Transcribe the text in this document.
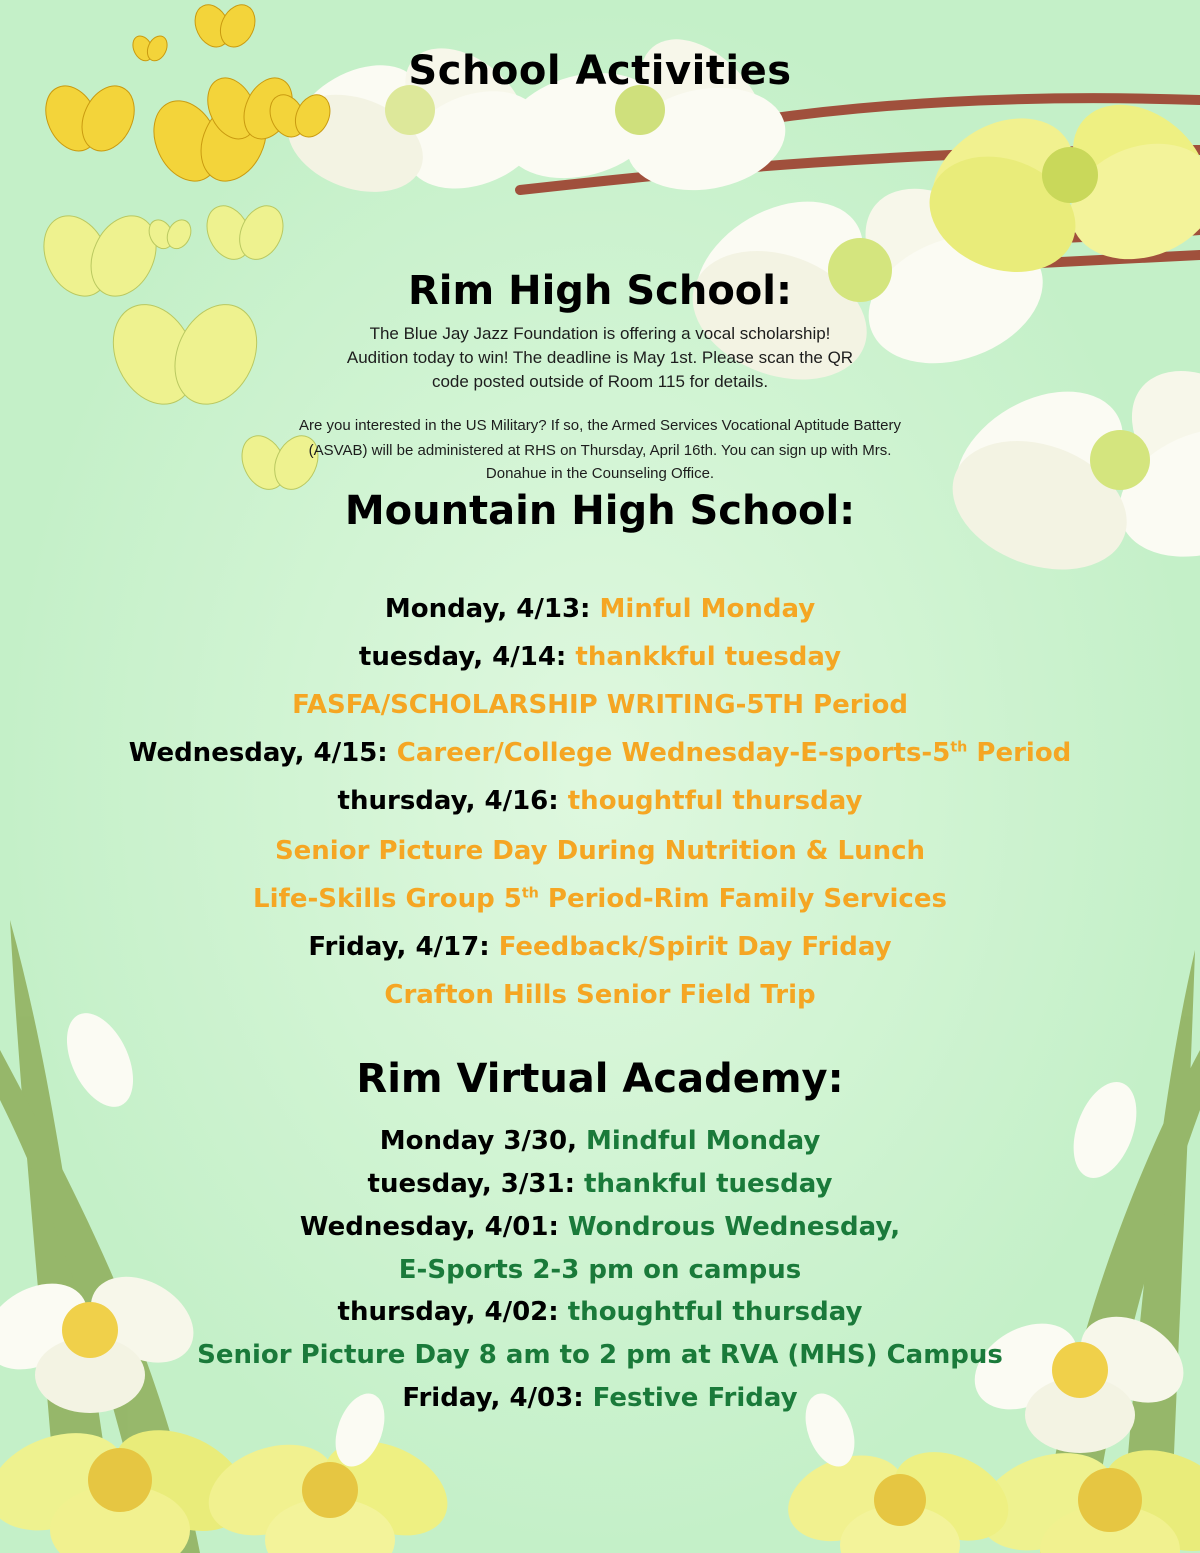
School Activities
Rim High School:
The Blue Jay Jazz Foundation is offering a vocal scholarship!
Audition today to win! The deadline is May 1st. Please scan the QR
code posted outside of Room 115 for details.
Are you interested in the US Military? If so, the Armed Services Vocational Aptitude Battery
(ASVAB) will be administered at RHS on Thursday, April 16th. You can sign up with Mrs.
Donahue in the Counseling Office.
Mountain High School:
Monday, 4/13: Minful Monday
tuesday, 4/14: thankkful tuesday
FASFA/SCHOLARSHIP WRITING-5TH Period
Wednesday, 4/15: Career/College Wednesday-E-sports-5th Period
thursday, 4/16: thoughtful thursday
Senior Picture Day During Nutrition & Lunch
Life-Skills Group 5th Period-Rim Family Services
Friday, 4/17: Feedback/Spirit Day Friday
Crafton Hills Senior Field Trip
Rim Virtual Academy:
Monday 3/30, Mindful Monday
tuesday, 3/31: thankful tuesday
Wednesday, 4/01: Wondrous Wednesday,
E-Sports 2-3 pm on campus
thursday, 4/02: thoughtful thursday
Senior Picture Day 8 am to 2 pm at RVA (MHS) Campus
Friday, 4/03: Festive Friday
